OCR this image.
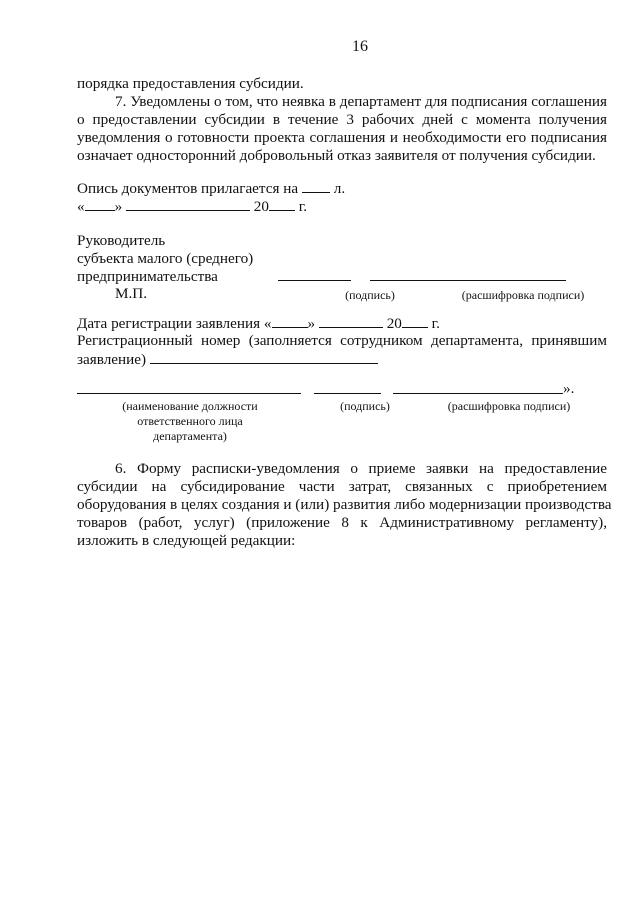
16
порядка предоставления субсидии.
7. Уведомлены о том, что неявка в департамент для подписания соглашения
о предоставлении субсидии в течение 3 рабочих дней с момента получения
уведомления о готовности проекта соглашения и необходимости его подписания
означает односторонний добровольный отказ заявителя от получения субсидии.
Опись документов прилагается на л.
« »	20 г.
Руководитель
субъекта малого (среднего)
предпринимательства
М.П.	(подпись)	(расшифровка подписи)
Дата регистрации заявления « »	20 г.
Регистрационный номер (заполняется сотрудником департамента, принявшим
заявление)
».
(наименование должности
ответственного лица
департамента)
(подпись)	(расшифровка подписи)
6. Форму расписки-уведомления о приеме заявки на предоставление
субсидии на субсидирование части затрат, связанных с приобретением
оборудования в целях создания и (или) развития либо модернизации производства
товаров (работ, услуг) (приложение 8 к Административному регламенту),
изложить в следующей редакции:
